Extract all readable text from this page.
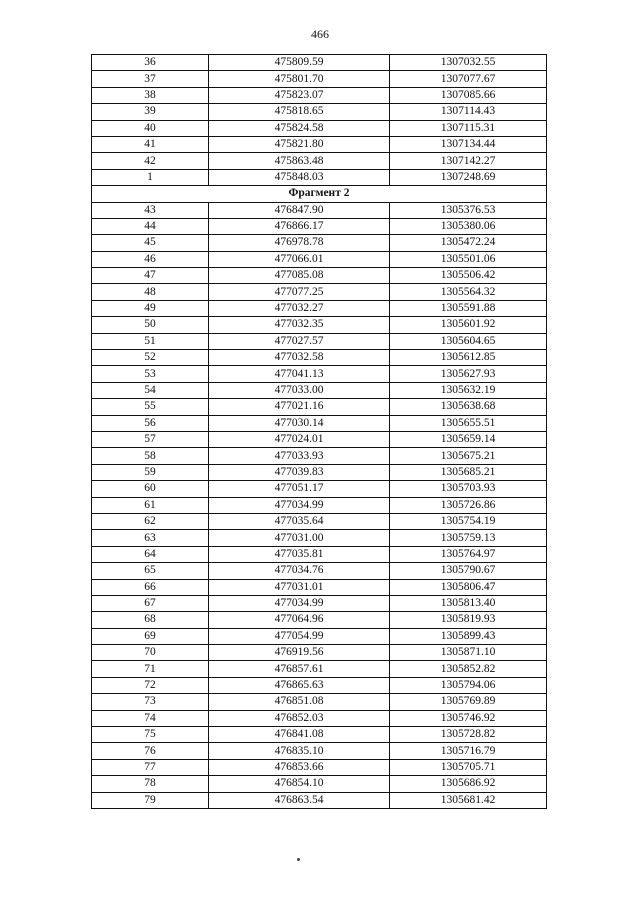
466
36	475809.59	1307032.55
37	475801.70	1307077.67
38	475823.07	1307085.66
39	475818.65	1307114.43
40	475824.58	1307115.31
41	475821.80	1307134.44
42	475863.48	1307142.27
1	475848.03	1307248.69
Фрагмент 2		
43	476847.90	1305376.53
44	476866.17	1305380.06
45	476978.78	1305472.24
46	477066.01	1305501.06
47	477085.08	1305506.42
48	477077.25	1305564.32
49	477032.27	1305591.88
50	477032.35	1305601.92
51	477027.57	1305604.65
52	477032.58	1305612.85
53	477041.13	1305627.93
54	477033.00	1305632.19
55	477021.16	1305638.68
56	477030.14	1305655.51
57	477024.01	1305659.14
58	477033.93	1305675.21
59	477039.83	1305685.21
60	477051.17	1305703.93
61	477034.99	1305726.86
62	477035.64	1305754.19
63	477031.00	1305759.13
64	477035.81	1305764.97
65	477034.76	1305790.67
66	477031.01	1305806.47
67	477034.99	1305813.40
68	477064.96	1305819.93
69	477054.99	1305899.43
70	476919.56	1305871.10
71	476857.61	1305852.82
72	476865.63	1305794.06
73	476851.08	1305769.89
74	476852.03	1305746.92
75	476841.08	1305728.82
76	476835.10	1305716.79
77	476853.66	1305705.71
78	476854.10	1305686.92
79	476863.54	1305681.42
